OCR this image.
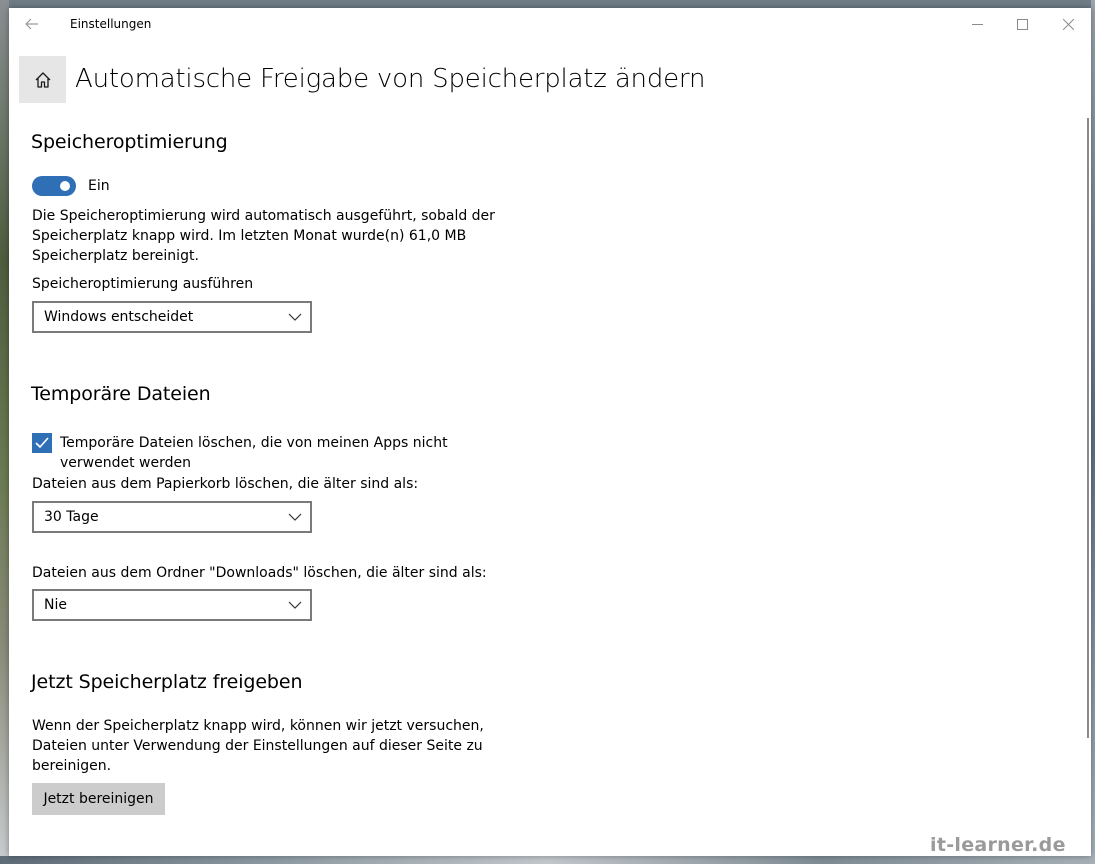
Einstellungen
Automatische Freigabe von Speicherplatz ändern
Speicheroptimierung
Ein
Die Speicheroptimierung wird automatisch ausgeführt, sobald der
Speicherplatz knapp wird. Im letzten Monat wurde(n) 61,0 MB
Speicherplatz bereinigt.
Speicheroptimierung ausführen
Windows entscheidet
Temporäre Dateien
Temporäre Dateien löschen, die von meinen Apps nicht
verwendet werden
Dateien aus dem Papierkorb löschen, die älter sind als:
30 Tage
Dateien aus dem Ordner "Downloads" löschen, die älter sind als:
Nie
Jetzt Speicherplatz freigeben
Wenn der Speicherplatz knapp wird, können wir jetzt versuchen,
Dateien unter Verwendung der Einstellungen auf dieser Seite zu
bereinigen.
Jetzt bereinigen
it-learner.de
